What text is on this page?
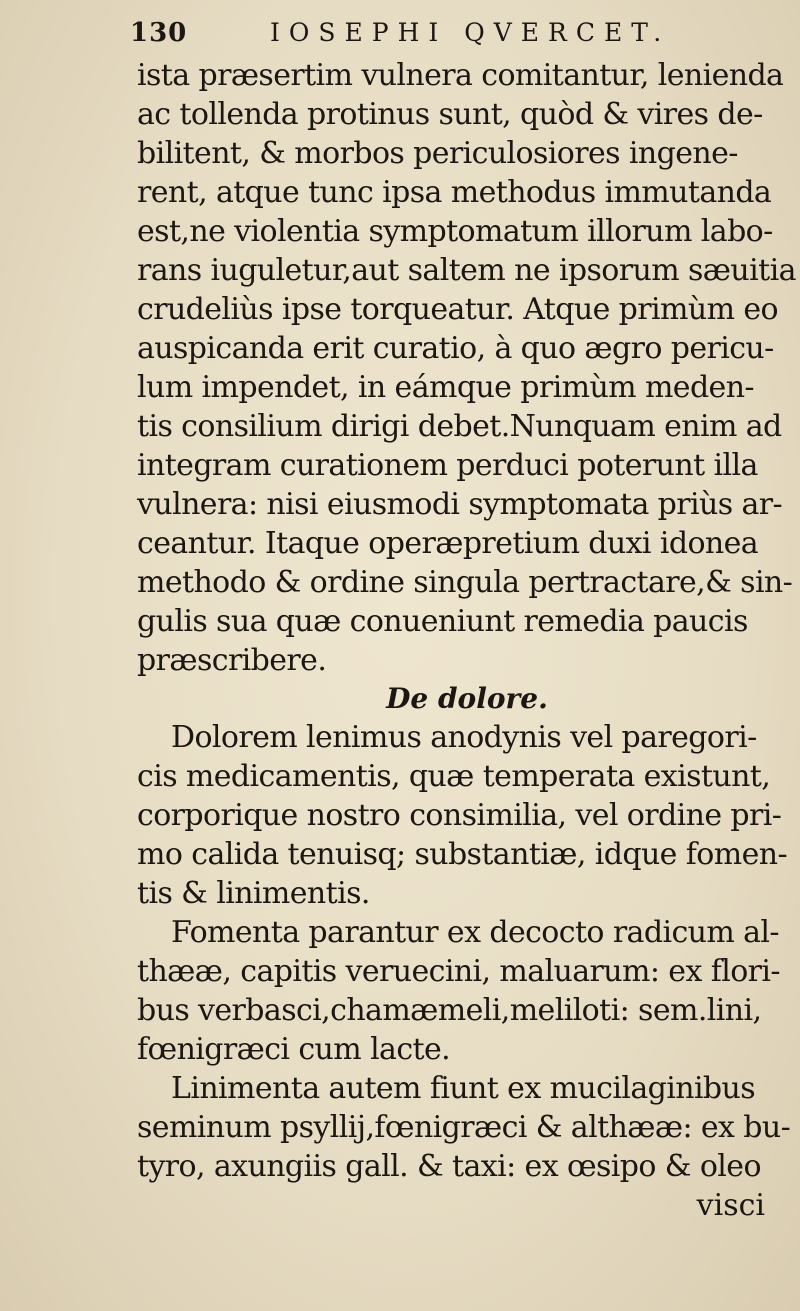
130	IOSEPHI QVERCET.
ista præsertim vulnera comitantur, lenienda
ac tollenda protinus sunt, quòd & vires de-
bilitent, & morbos periculosiores ingene-
rent, atque tunc ipsa methodus immutanda
est,ne violentia symptomatum illorum labo-
rans iuguletur,aut saltem ne ipsorum sæuitia
crudeliùs ipse torqueatur. Atque primùm eo
auspicanda erit curatio, à quo ægro pericu-
lum impendet, in eámque primùm meden-
tis consilium dirigi debet.Nunquam enim ad
integram curationem perduci poterunt illa
vulnera: nisi eiusmodi symptomata priùs ar-
ceantur. Itaque operæpretium duxi idonea
methodo & ordine singula pertractare,& sin-
gulis sua quæ conueniunt remedia paucis
præscribere.
De dolore.
Dolorem lenimus anodynis vel paregori-
cis medicamentis, quæ temperata existunt,
corporique nostro consimilia, vel ordine pri-
mo calida tenuisq; substantiæ, idque fomen-
tis & linimentis.
Fomenta parantur ex decocto radicum al-
thææ, capitis veruecini, maluarum: ex flori-
bus verbasci,chamæmeli,meliloti: sem.lini,
fœnigræci cum lacte.
Linimenta autem fiunt ex mucilaginibus
seminum psyllij,fœnigræci & althææ: ex bu-
tyro, axungiis gall. & taxi: ex œsipo & oleo
visci
